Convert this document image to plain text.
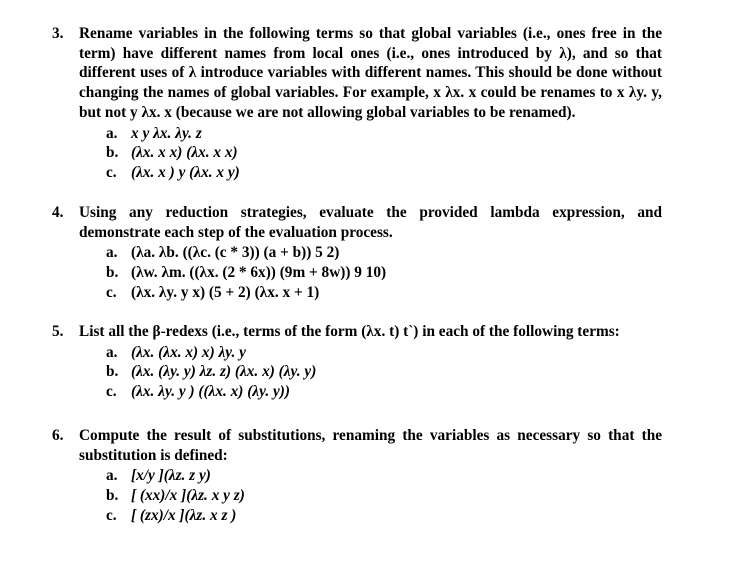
3. Rename variables in the following terms so that global variables (i.e., ones free in the term) have different names from local ones (i.e., ones introduced by λ), and so that different uses of λ introduce variables with different names. This should be done without changing the names of global variables. For example, x λx. x could be renames to x λy. y, but not y λx. x (because we are not allowing global variables to be renamed).

a. x y λx. λy. z
b. (λx. x x) (λx. x x)
c. (λx. x ) y (λx. x y)
4. Using any reduction strategies, evaluate the provided lambda expression, and demonstrate each step of the evaluation process.

a. (λa. λb. ((λc. (c * 3)) (a + b)) 5 2)
b. (λw. λm. ((λx. (2 * 6x)) (9m + 8w)) 9 10)
c. (λx. λy. y x) (5 + 2) (λx. x + 1)
5. List all the β-redexs (i.e., terms of the form (λx. t) t`) in each of the following terms:

a. (λx. (λx. x) x) λy. y
b. (λx. (λy. y) λz. z) (λx. x) (λy. y)
c. (λx. λy. y ) ((λx. x) (λy. y))
6. Compute the result of substitutions, renaming the variables as necessary so that the substitution is defined:

a. [x/y ](λz. z y)
b. [ (xx)/x ](λz. x y z)
c. [ (zx)/x ](λz. x z )
